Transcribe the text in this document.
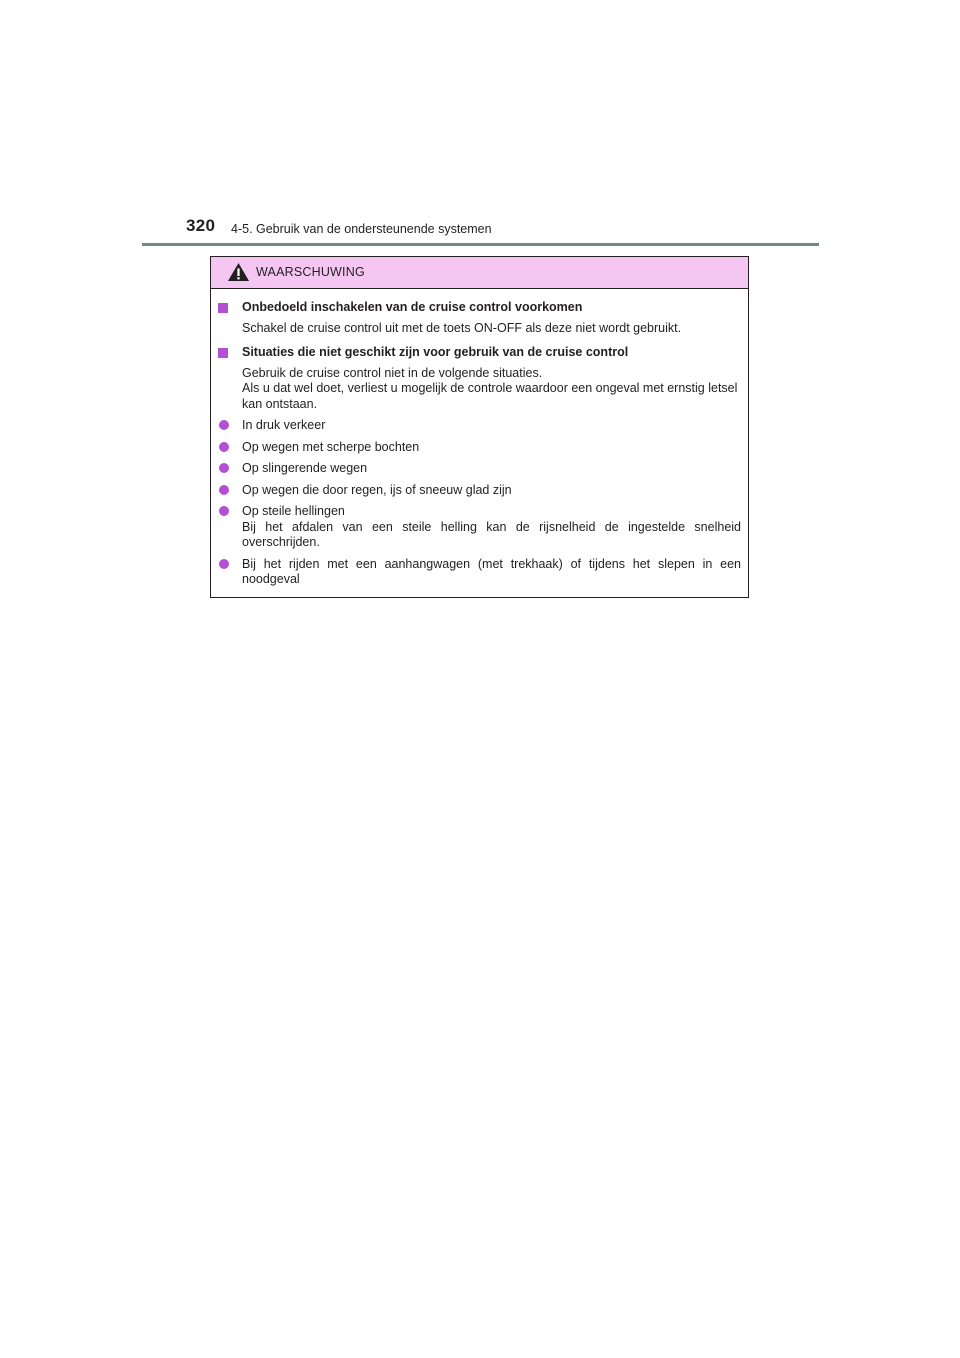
320 4-5. Gebruik van de ondersteunende systemen
WAARSCHUWING
Onbedoeld inschakelen van de cruise control voorkomen
Schakel de cruise control uit met de toets ON-OFF als deze niet wordt gebruikt.
Situaties die niet geschikt zijn voor gebruik van de cruise control
Gebruik de cruise control niet in de volgende situaties.
Als u dat wel doet, verliest u mogelijk de controle waardoor een ongeval met ernstig letsel kan ontstaan.
In druk verkeer
Op wegen met scherpe bochten
Op slingerende wegen
Op wegen die door regen, ijs of sneeuw glad zijn
Op steile hellingen
Bij het afdalen van een steile helling kan de rijsnelheid de ingestelde snelheid overschrijden.
Bij het rijden met een aanhangwagen (met trekhaak) of tijdens het slepen in een noodgeval
